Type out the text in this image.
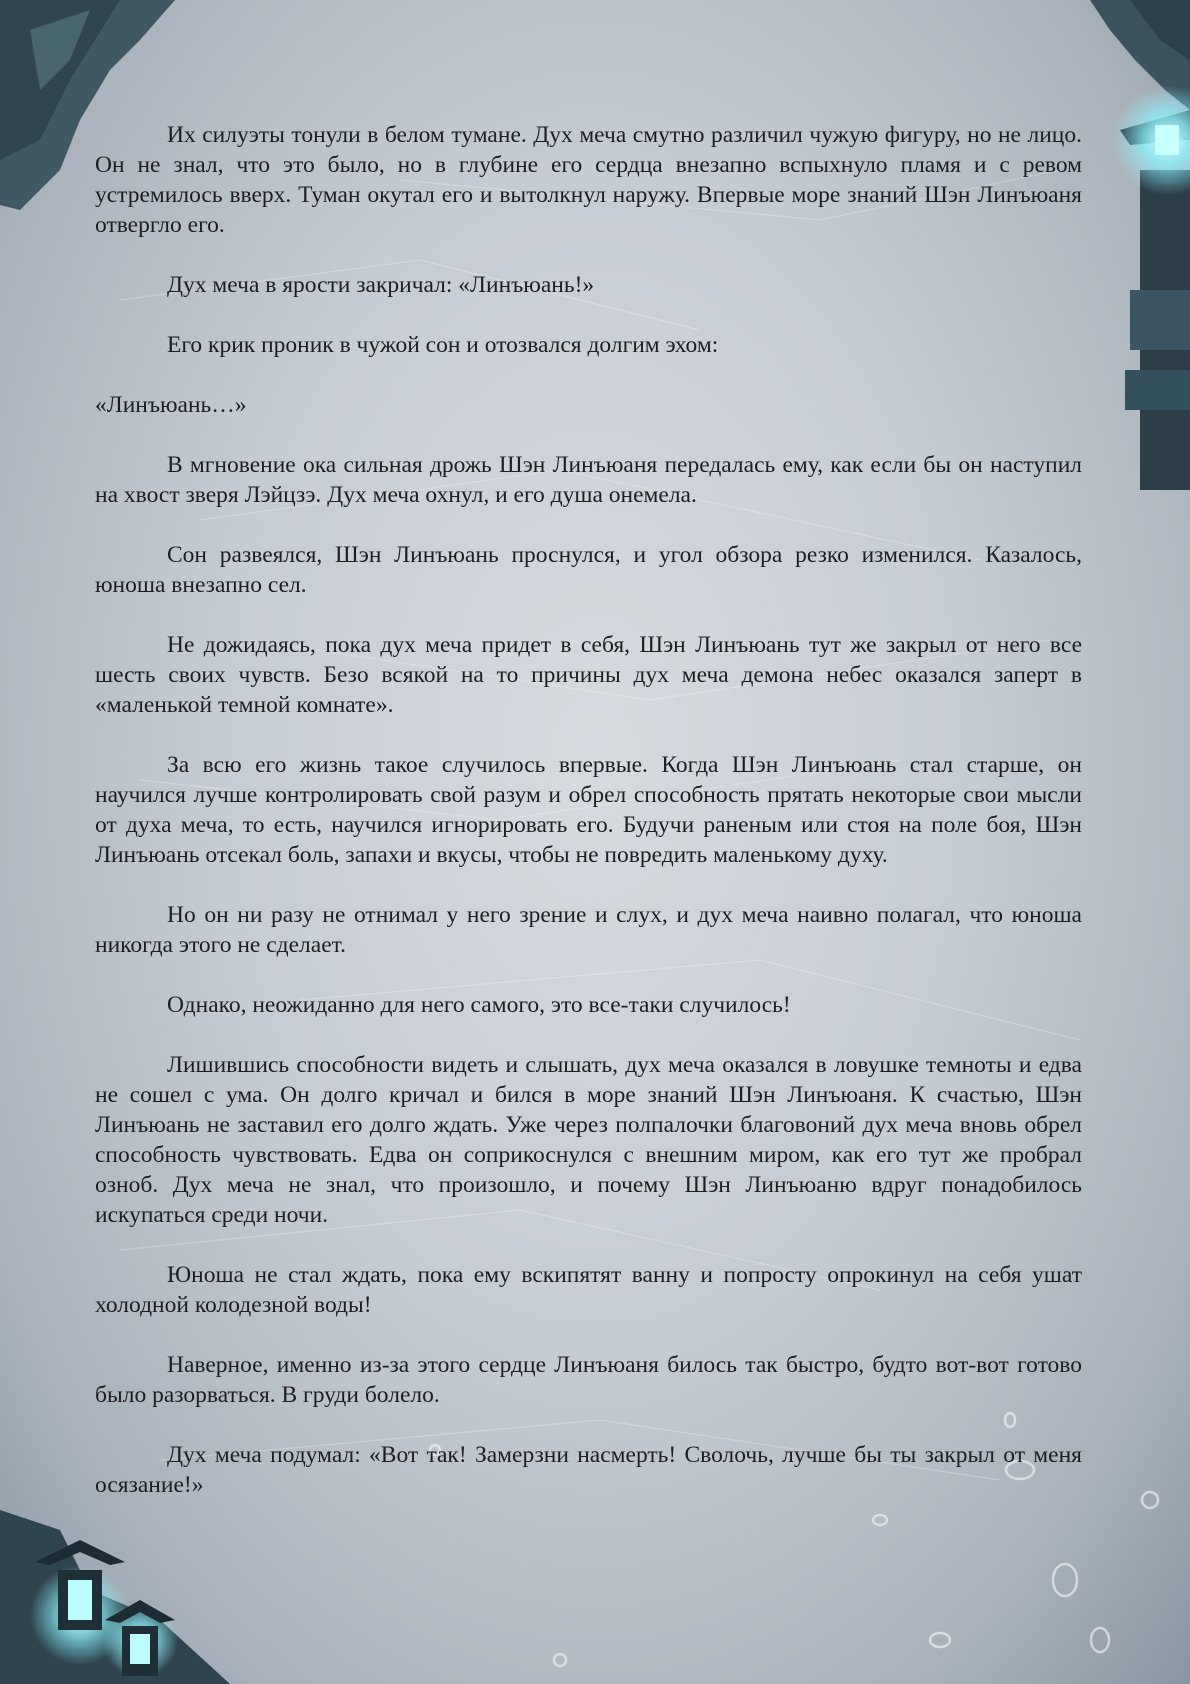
Их силуэты тонули в белом тумане. Дух меча смутно различил чужую фигуру, но не лицо. Он не знал, что это было, но в глубине его сердца внезапно вспыхнуло пламя и с ревом устремилось вверх. Туман окутал его и вытолкнул наружу. Впервые море знаний Шэн Линъюаня отвергло его.

Дух меча в ярости закричал: «Линъюань!»

Его крик проник в чужой сон и отозвался долгим эхом:

«Линъюань…»

В мгновение ока сильная дрожь Шэн Линъюаня передалась ему, как если бы он наступил на хвост зверя Лэйцзэ. Дух меча охнул, и его душа онемела.

Сон развеялся, Шэн Линъюань проснулся, и угол обзора резко изменился. Казалось, юноша внезапно сел.

Не дожидаясь, пока дух меча придет в себя, Шэн Линъюань тут же закрыл от него все шесть своих чувств. Безо всякой на то причины дух меча демона небес оказался заперт в «маленькой темной комнате».

За всю его жизнь такое случилось впервые. Когда Шэн Линъюань стал старше, он научился лучше контролировать свой разум и обрел способность прятать некоторые свои мысли от духа меча, то есть, научился игнорировать его. Будучи раненым или стоя на поле боя, Шэн Линъюань отсекал боль, запахи и вкусы, чтобы не повредить маленькому духу.

Но он ни разу не отнимал у него зрение и слух, и дух меча наивно полагал, что юноша никогда этого не сделает.

Однако, неожиданно для него самого, это все-таки случилось!

Лишившись способности видеть и слышать, дух меча оказался в ловушке темноты и едва не сошел с ума. Он долго кричал и бился в море знаний Шэн Линъюаня. К счастью, Шэн Линъюань не заставил его долго ждать. Уже через полпалочки благовоний дух меча вновь обрел способность чувствовать. Едва он соприкоснулся с внешним миром, как его тут же пробрал озноб. Дух меча не знал, что произошло, и почему Шэн Линъюаню вдруг понадобилось искупаться среди ночи.

Юноша не стал ждать, пока ему вскипятят ванну и попросту опрокинул на себя ушат холодной колодезной воды!

Наверное, именно из-за этого сердце Линъюаня билось так быстро, будто вот-вот готово было разорваться. В груди болело.

Дух меча подумал: «Вот так! Замерзни насмерть! Сволочь, лучше бы ты закрыл от меня осязание!»
